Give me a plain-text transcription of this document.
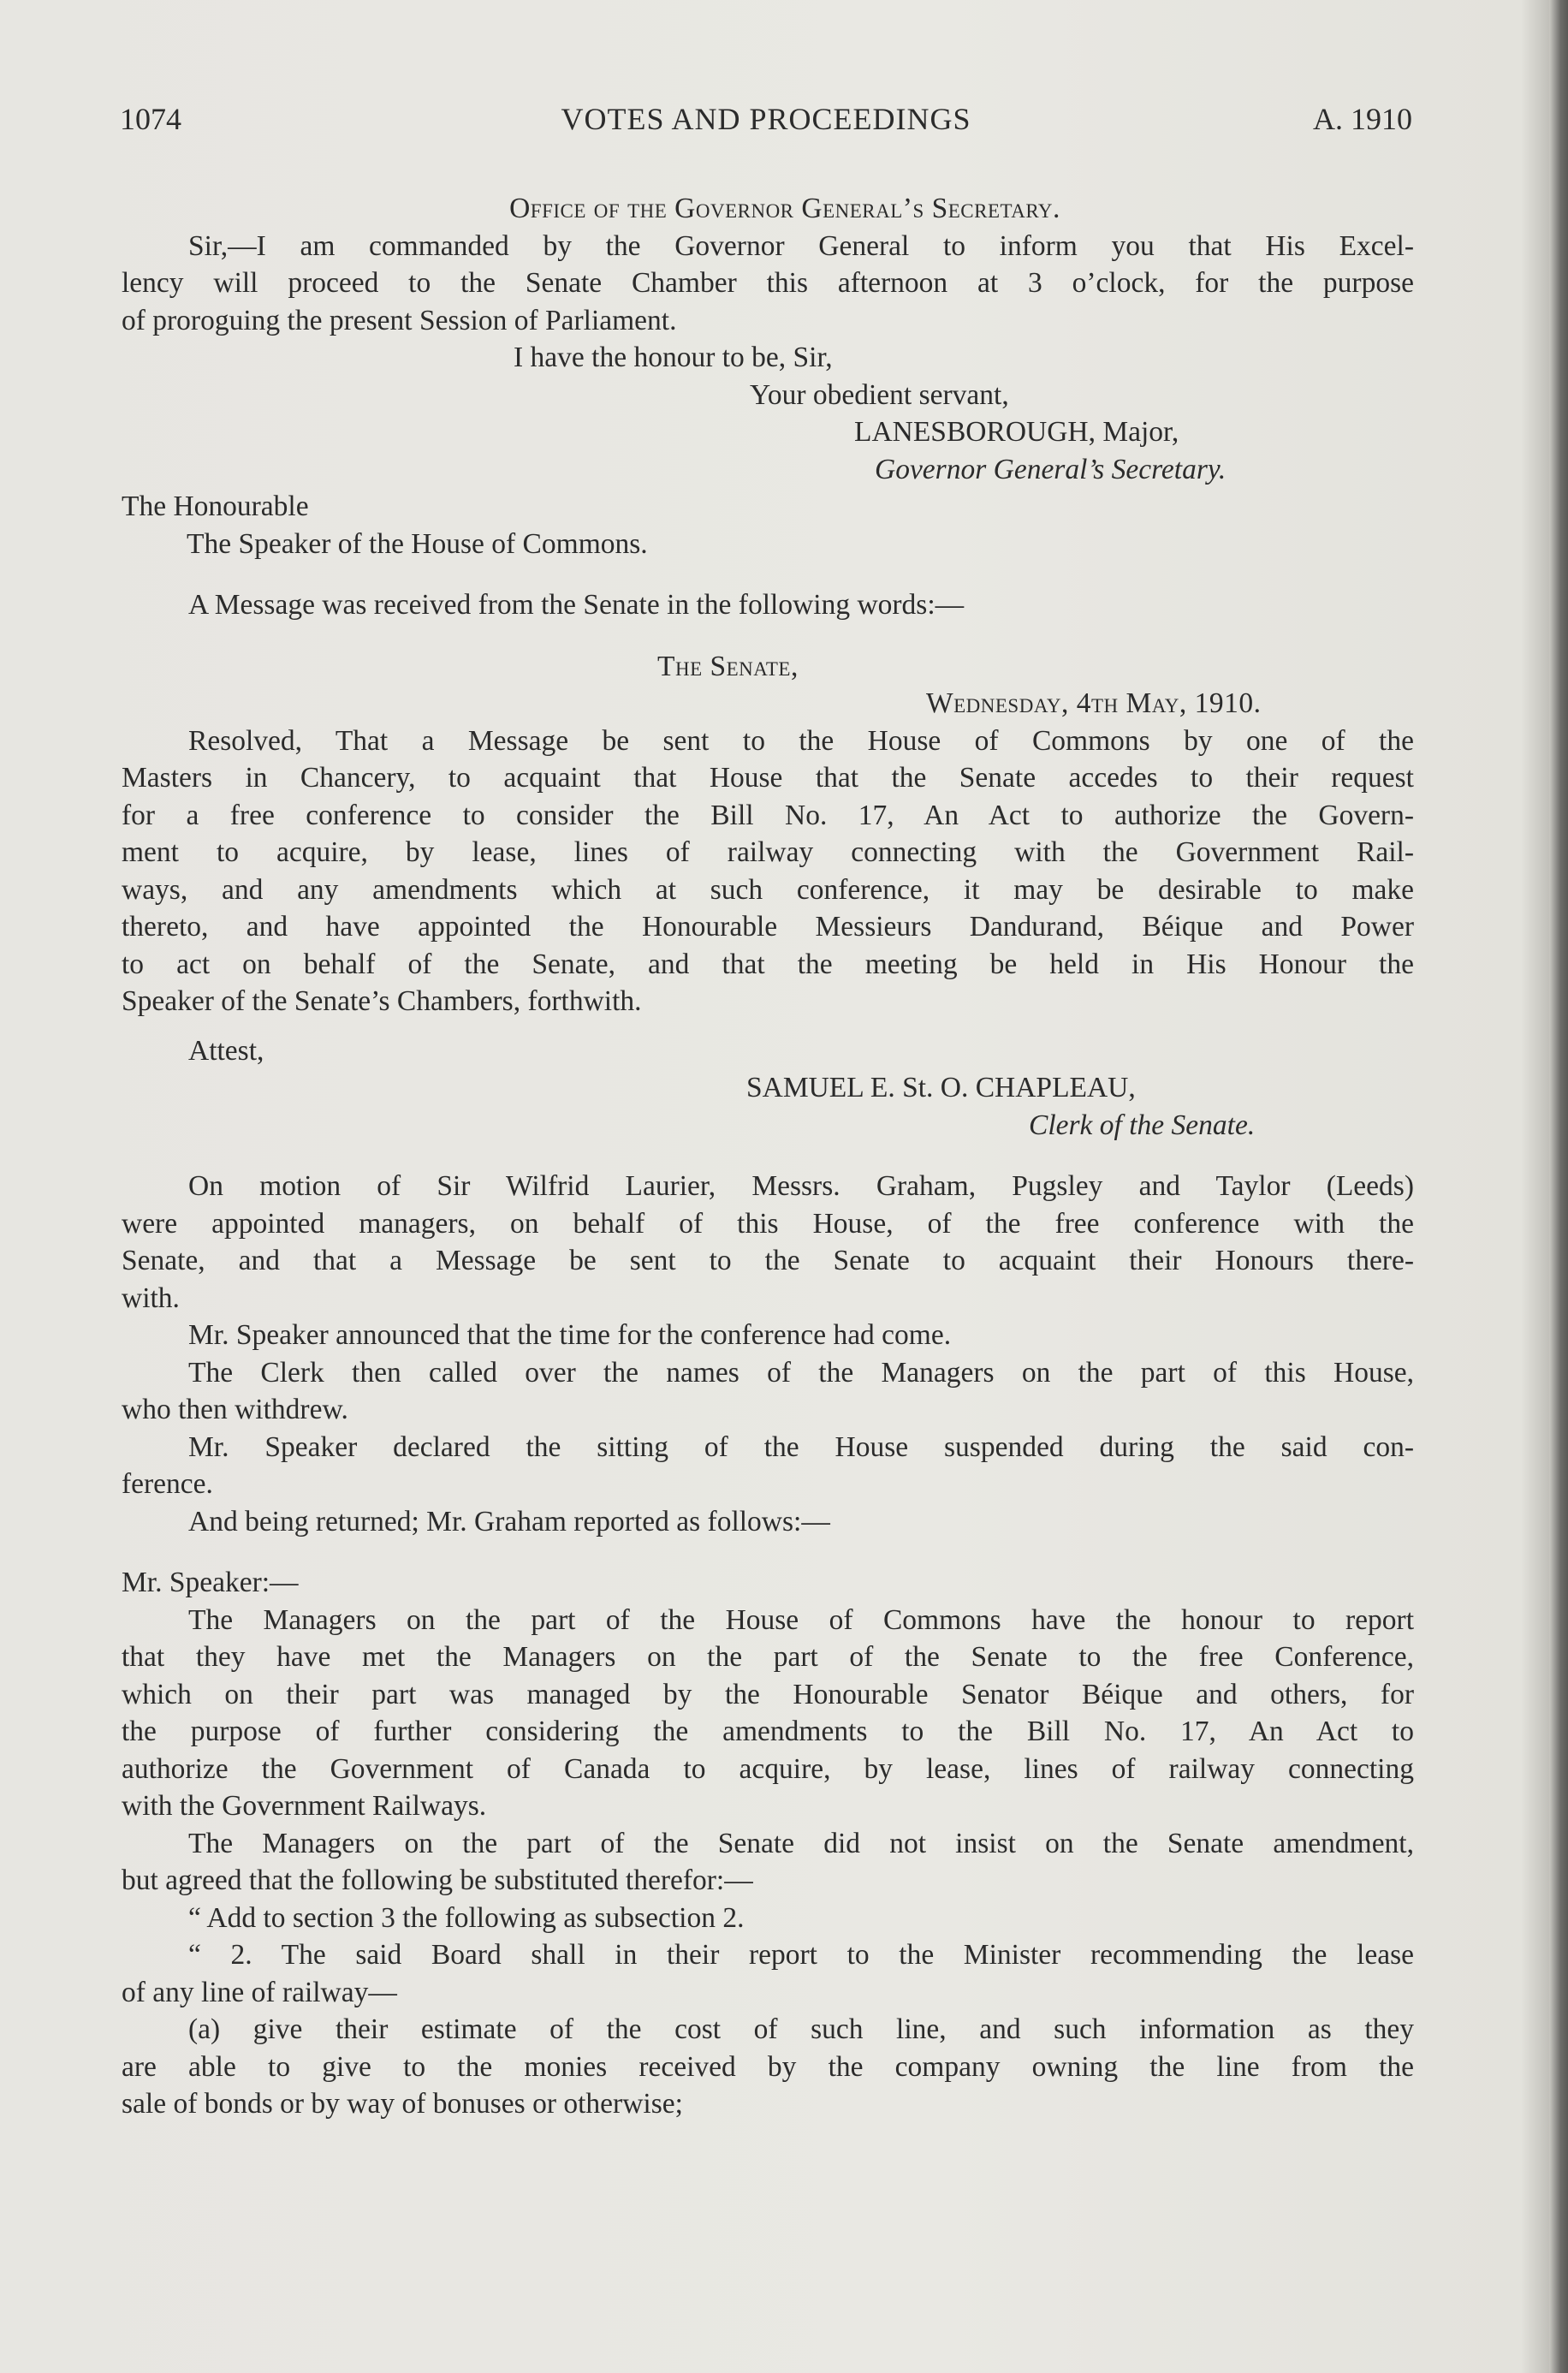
1074	VOTES AND PROCEEDINGS	A. 1910
Office of the Governor General’s Secretary.
Sir,—I am commanded by the Governor General to inform you that His Excel-
lency will proceed to the Senate Chamber this afternoon at 3 o’clock, for the purpose
of proroguing the present Session of Parliament.
I have the honour to be, Sir,
Your obedient servant,
LANESBOROUGH, Major,
Governor General’s Secretary.
The Honourable
The Speaker of the House of Commons.
A Message was received from the Senate in the following words:—
The Senate,
Wednesday, 4th May, 1910.
Resolved, That a Message be sent to the House of Commons by one of the
Masters in Chancery, to acquaint that House that the Senate accedes to their request
for a free conference to consider the Bill No. 17, An Act to authorize the Govern-
ment to acquire, by lease, lines of railway connecting with the Government Rail-
ways, and any amendments which at such conference, it may be desirable to make
thereto, and have appointed the Honourable Messieurs Dandurand, Béique and Power
to act on behalf of the Senate, and that the meeting be held in His Honour the
Speaker of the Senate’s Chambers, forthwith.
Attest,
SAMUEL E. St. O. CHAPLEAU,
Clerk of the Senate.
On motion of Sir Wilfrid Laurier, Messrs. Graham, Pugsley and Taylor (Leeds)
were appointed managers, on behalf of this House, of the free conference with the
Senate, and that a Message be sent to the Senate to acquaint their Honours there-
with.
Mr. Speaker announced that the time for the conference had come.
The Clerk then called over the names of the Managers on the part of this House,
who then withdrew.
Mr. Speaker declared the sitting of the House suspended during the said con-
ference.
And being returned; Mr. Graham reported as follows:—
Mr. Speaker:—
The Managers on the part of the House of Commons have the honour to report
that they have met the Managers on the part of the Senate to the free Conference,
which on their part was managed by the Honourable Senator Béique and others, for
the purpose of further considering the amendments to the Bill No. 17, An Act to
authorize the Government of Canada to acquire, by lease, lines of railway connecting
with the Government Railways.
The Managers on the part of the Senate did not insist on the Senate amendment,
but agreed that the following be substituted therefor:—
“ Add to section 3 the following as subsection 2.
“ 2. The said Board shall in their report to the Minister recommending the lease
of any line of railway—
(a) give their estimate of the cost of such line, and such information as they
are able to give to the monies received by the company owning the line from the
sale of bonds or by way of bonuses or otherwise;
